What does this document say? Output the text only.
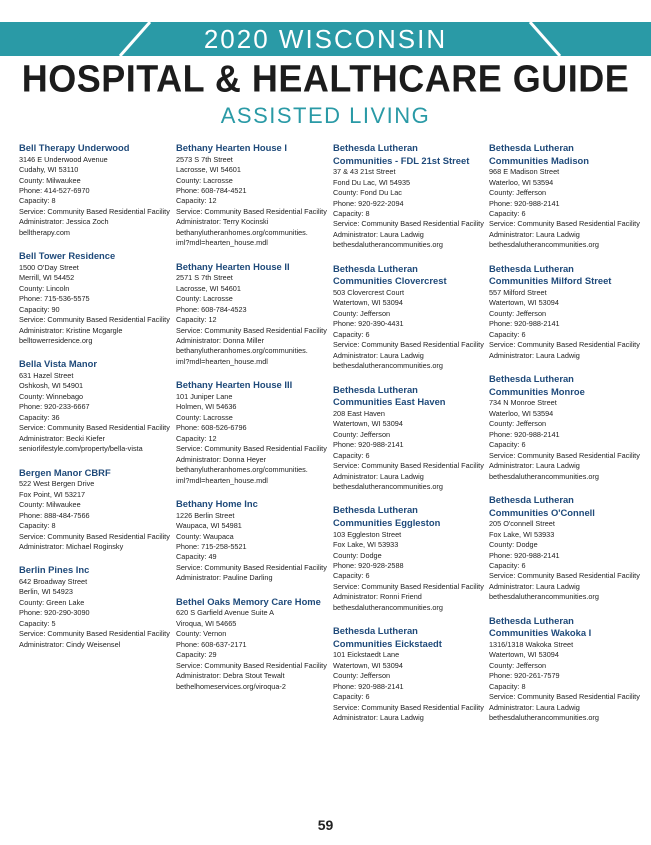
2020 WISCONSIN
HOSPITAL & HEALTHCARE GUIDE
ASSISTED LIVING
Bell Therapy Underwood
3146 E Underwood Avenue
Cudahy, WI 53110
County: Milwaukee
Phone: 414-527-6970
Capacity: 8
Service: Community Based Residential Facility
Administrator: Jessica Zoch
belltherapy.com
Bell Tower Residence
1500 O'Day Street
Merrill, WI 54452
County: Lincoln
Phone: 715-536-5575
Capacity: 90
Service: Community Based Residential Facility
Administrator: Kristine Mcgargle
belltowerresidence.org
Bella Vista Manor
631 Hazel Street
Oshkosh, WI 54901
County: Winnebago
Phone: 920-233-6667
Capacity: 36
Service: Community Based Residential Facility
Administrator: Becki Kiefer
seniorlifestyle.com/property/bella-vista
Bergen Manor CBRF
522 West Bergen Drive
Fox Point, WI 53217
County: Milwaukee
Phone: 888-484-7566
Capacity: 8
Service: Community Based Residential Facility
Administrator: Michael Roginsky
Berlin Pines Inc
642 Broadway Street
Berlin, WI 54923
County: Green Lake
Phone: 920-290-3090
Capacity: 5
Service: Community Based Residential Facility
Administrator: Cindy Weisensel
Bethany Hearten House I
2573 S 7th Street
Lacrosse, WI 54601
County: Lacrosse
Phone: 608-784-4521
Capacity: 12
Service: Community Based Residential Facility
Administrator: Terry Kocinski
bethanylutheranhomes.org/communities.
iml?mdl=hearten_house.mdl
Bethany Hearten House II
2571 S 7th Street
Lacrosse, WI 54601
County: Lacrosse
Phone: 608-784-4523
Capacity: 12
Service: Community Based Residential Facility
Administrator: Donna Miller
bethanylutheranhomes.org/communities.
iml?mdl=hearten_house.mdl
Bethany Hearten House III
101 Juniper Lane
Holmen, WI 54636
County: Lacrosse
Phone: 608-526-6796
Capacity: 12
Service: Community Based Residential Facility
Administrator: Donna Heyer
bethanylutheranhomes.org/communities.
iml?mdl=hearten_house.mdl
Bethany Home Inc
1226 Berlin Street
Waupaca, WI 54981
County: Waupaca
Phone: 715-258-5521
Capacity: 49
Service: Community Based Residential Facility
Administrator: Pauline Darling
Bethel Oaks Memory Care Home
620 S Garfield Avenue Suite A
Viroqua, WI 54665
County: Vernon
Phone: 608-637-2171
Capacity: 29
Service: Community Based Residential Facility
Administrator: Debra Stout Tewalt
bethelhomeservices.org/viroqua-2
Bethesda Lutheran
Communities - FDL 21st Street
37 & 43 21st Street
Fond Du Lac, WI 54935
County: Fond Du Lac
Phone: 920-922-2094
Capacity: 8
Service: Community Based Residential Facility
Administrator: Laura Ladwig
bethesdalutherancommunities.org
Bethesda Lutheran
Communities Clovercrest
503 Clovercrest Court
Watertown, WI 53094
County: Jefferson
Phone: 920-390-4431
Capacity: 6
Service: Community Based Residential Facility
Administrator: Laura Ladwig
bethesdalutherancommunities.org
Bethesda Lutheran
Communities East Haven
208 East Haven
Watertown, WI 53094
County: Jefferson
Phone: 920-988-2141
Capacity: 6
Service: Community Based Residential Facility
Administrator: Laura Ladwig
bethesdalutherancommunities.org
Bethesda Lutheran
Communities Eggleston
103 Eggleston Street
Fox Lake, WI 53933
County: Dodge
Phone: 920-928-2588
Capacity: 6
Service: Community Based Residential Facility
Administrator: Ronni Friend
bethesdalutherancommunities.org
Bethesda Lutheran
Communities Eickstaedt
101 Eickstaedt Lane
Watertown, WI 53094
County: Jefferson
Phone: 920-988-2141
Capacity: 6
Service: Community Based Residential Facility
Administrator: Laura Ladwig
Bethesda Lutheran
Communities Madison
968 E Madison Street
Waterloo, WI 53594
County: Jefferson
Phone: 920-988-2141
Capacity: 6
Service: Community Based Residential Facility
Administrator: Laura Ladwig
bethesdalutherancommunities.org
Bethesda Lutheran
Communities Milford Street
557 Milford Street
Watertown, WI 53094
County: Jefferson
Phone: 920-988-2141
Capacity: 6
Service: Community Based Residential Facility
Administrator: Laura Ladwig
Bethesda Lutheran
Communities Monroe
734 N Monroe Street
Waterloo, WI 53594
County: Jefferson
Phone: 920-988-2141
Capacity: 6
Service: Community Based Residential Facility
Administrator: Laura Ladwig
bethesdalutherancommunities.org
Bethesda Lutheran
Communities O'Connell
205 O'connell Street
Fox Lake, WI 53933
County: Dodge
Phone: 920-988-2141
Capacity: 6
Service: Community Based Residential Facility
Administrator: Laura Ladwig
bethesdalutherancommunities.org
Bethesda Lutheran
Communities Wakoka I
1316/1318 Wakoka Street
Watertown, WI 53094
County: Jefferson
Phone: 920-261-7579
Capacity: 8
Service: Community Based Residential Facility
Administrator: Laura Ladwig
bethesdalutherancommunities.org
59
